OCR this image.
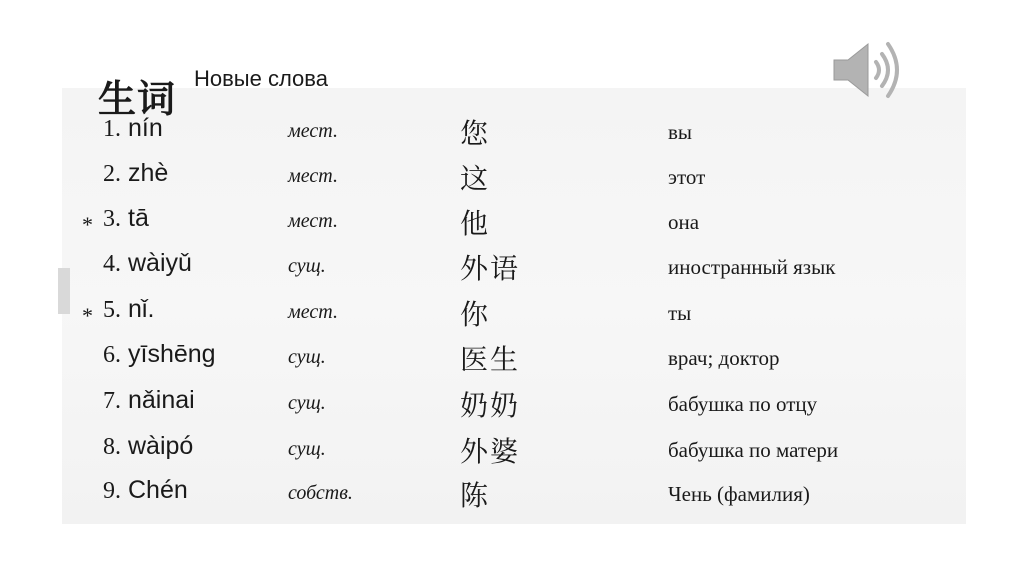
生词 Новые слова
1. nín	мест.	您	вы
2. zhè	мест.	这	этот
* 3. tā	мест.	他	она
4. wàiyǔ	сущ.	外语	иностранный язык
* 5. nǐ.	мест.	你	ты
6. yīshēng	сущ.	医生	врач; доктор
7. nǎinai	сущ.	奶奶	бабушка по отцу
8. wàipó	сущ.	外婆	бабушка по матери
9. Chén	собств.	陈	Чень (фамилия)
